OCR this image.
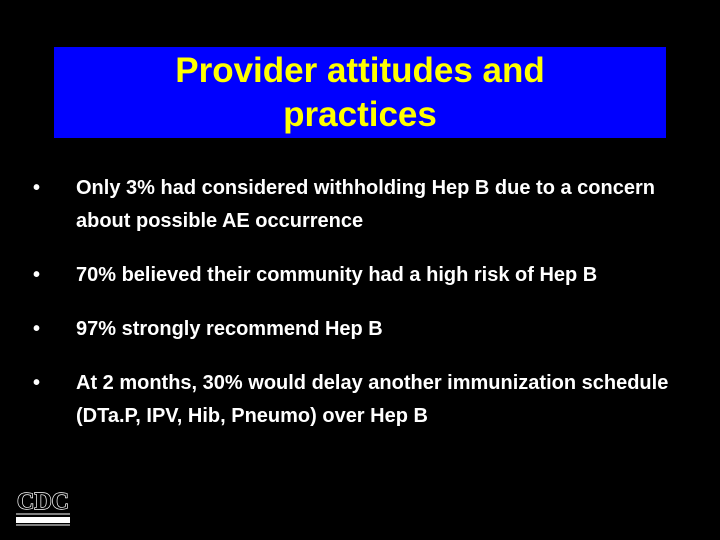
Provider attitudes and practices
• Only 3% had considered withholding Hep B due to a concern about possible AE occurrence
• 70% believed their community had a high risk of Hep B
• 97% strongly recommend Hep B
• At 2 months, 30% would delay another immunization schedule (DTa.P, IPV, Hib, Pneumo) over Hep B
CDC
